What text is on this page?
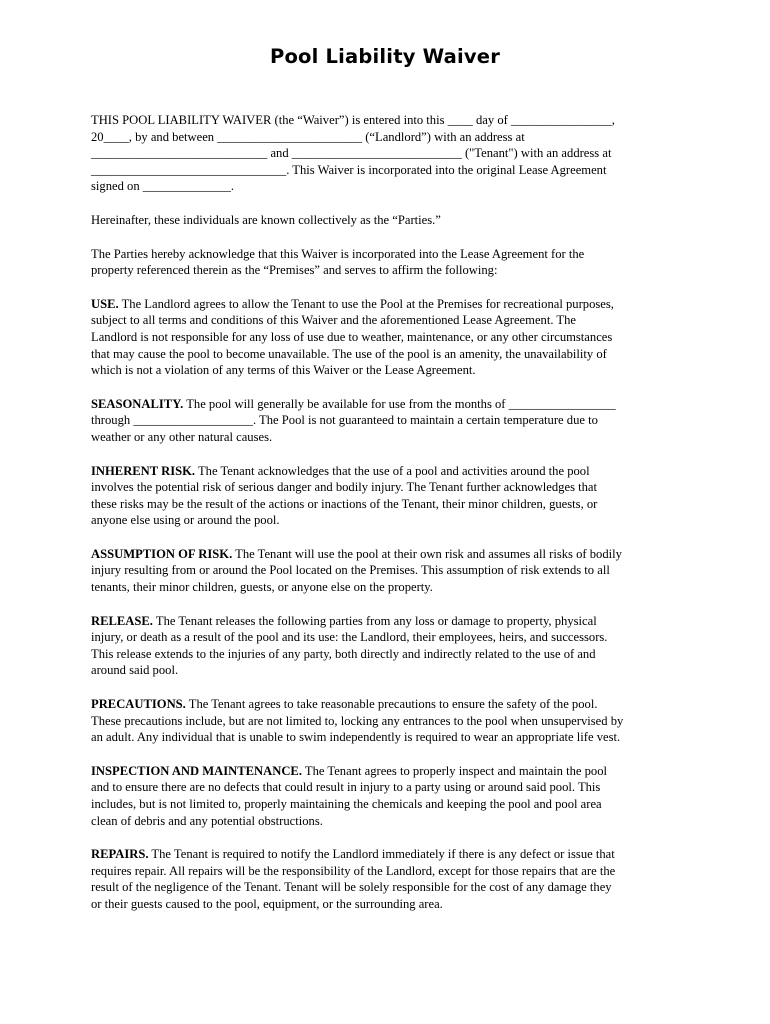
Pool Liability Waiver
THIS POOL LIABILITY WAIVER (the “Waiver”) is entered into this ____ day of ________________,
20____, by and between _______________________ (“Landlord”) with an address at
____________________________ and ___________________________ ("Tenant") with an address at
_______________________________. This Waiver is incorporated into the original Lease Agreement
signed on ______________.
Hereinafter, these individuals are known collectively as the “Parties.”
The Parties hereby acknowledge that this Waiver is incorporated into the Lease Agreement for the
property referenced therein as the “Premises” and serves to affirm the following:
USE. The Landlord agrees to allow the Tenant to use the Pool at the Premises for recreational purposes,
subject to all terms and conditions of this Waiver and the aforementioned Lease Agreement. The
Landlord is not responsible for any loss of use due to weather, maintenance, or any other circumstances
that may cause the pool to become unavailable. The use of the pool is an amenity, the unavailability of
which is not a violation of any terms of this Waiver or the Lease Agreement.
SEASONALITY. The pool will generally be available for use from the months of _________________
through ___________________. The Pool is not guaranteed to maintain a certain temperature due to
weather or any other natural causes.
INHERENT RISK. The Tenant acknowledges that the use of a pool and activities around the pool
involves the potential risk of serious danger and bodily injury. The Tenant further acknowledges that
these risks may be the result of the actions or inactions of the Tenant, their minor children, guests, or
anyone else using or around the pool.
ASSUMPTION OF RISK. The Tenant will use the pool at their own risk and assumes all risks of bodily
injury resulting from or around the Pool located on the Premises. This assumption of risk extends to all
tenants, their minor children, guests, or anyone else on the property.
RELEASE. The Tenant releases the following parties from any loss or damage to property, physical
injury, or death as a result of the pool and its use: the Landlord, their employees, heirs, and successors.
This release extends to the injuries of any party, both directly and indirectly related to the use of and
around said pool.
PRECAUTIONS. The Tenant agrees to take reasonable precautions to ensure the safety of the pool.
These precautions include, but are not limited to, locking any entrances to the pool when unsupervised by
an adult. Any individual that is unable to swim independently is required to wear an appropriate life vest.
INSPECTION AND MAINTENANCE. The Tenant agrees to properly inspect and maintain the pool
and to ensure there are no defects that could result in injury to a party using or around said pool. This
includes, but is not limited to, properly maintaining the chemicals and keeping the pool and pool area
clean of debris and any potential obstructions.
REPAIRS. The Tenant is required to notify the Landlord immediately if there is any defect or issue that
requires repair. All repairs will be the responsibility of the Landlord, except for those repairs that are the
result of the negligence of the Tenant. Tenant will be solely responsible for the cost of any damage they
or their guests caused to the pool, equipment, or the surrounding area.
